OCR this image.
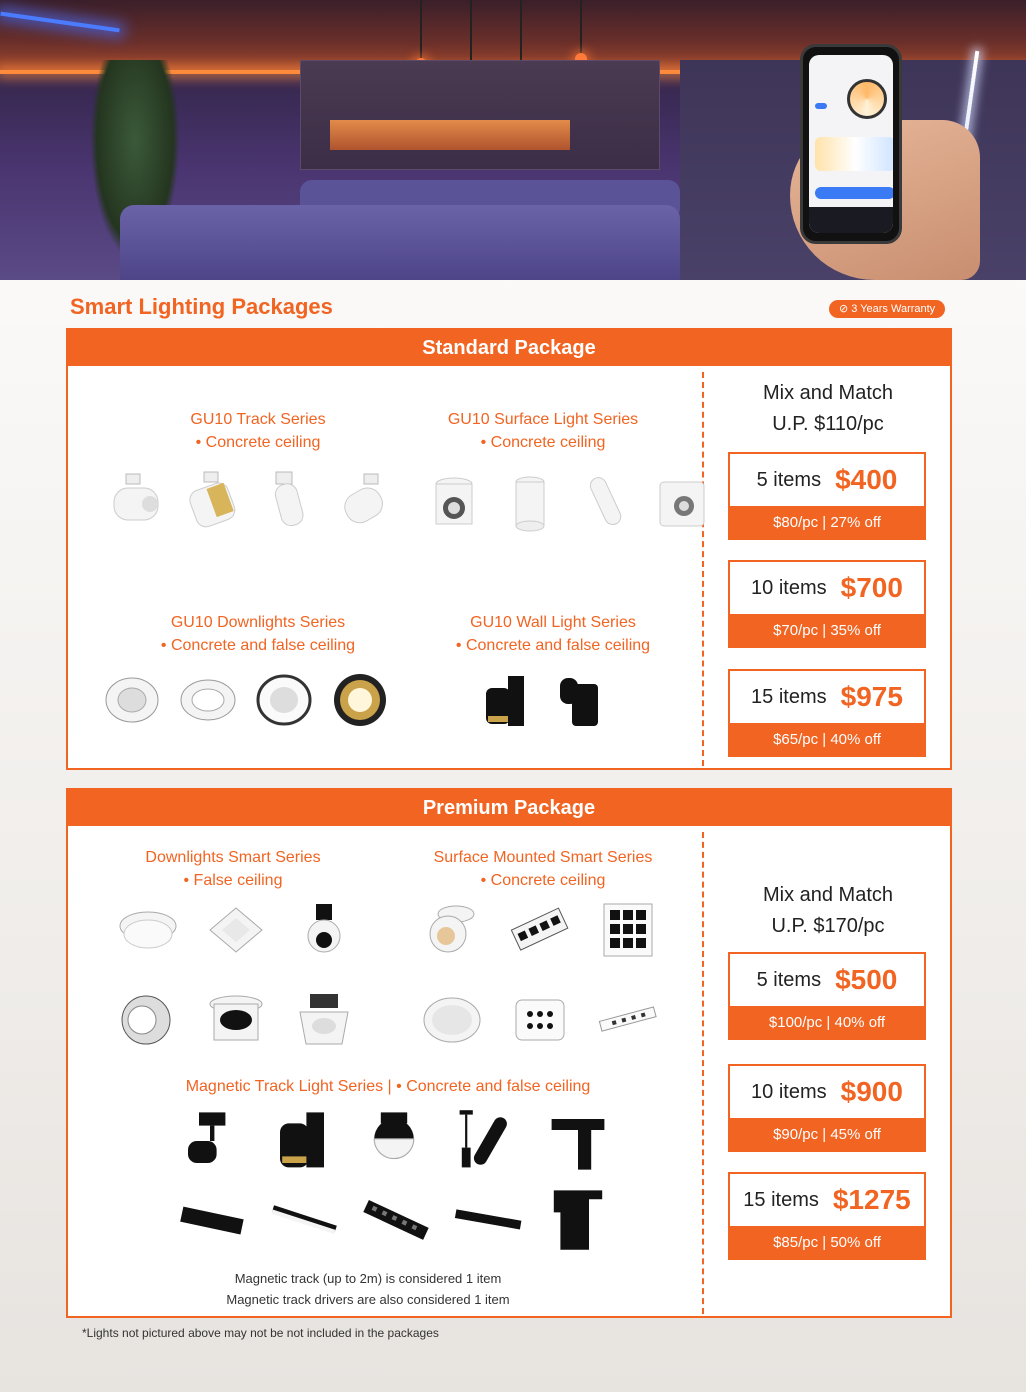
Smart Lighting Packages	⊘ 3 Years Warranty
Standard Package
GU10 Track Series
• Concrete ceiling
GU10 Surface Light Series
• Concrete ceiling
GU10 Downlights Series
• Concrete and false ceiling
GU10 Wall Light Series
• Concrete and false ceiling
Mix and Match
U.P. $110/pc
5 items $400
$80/pc | 27% off
10 items $700
$70/pc | 35% off
15 items $975
$65/pc | 40% off
Premium Package
Downlights Smart Series
• False ceiling
Surface Mounted Smart Series
• Concrete ceiling
Magnetic Track Light Series | • Concrete and false ceiling
Magnetic track (up to 2m) is considered 1 item
Magnetic track drivers are also considered 1 item
Mix and Match
U.P. $170/pc
5 items $500
$100/pc | 40% off
10 items $900
$90/pc | 45% off
15 items $1275
$85/pc | 50% off
*Lights not pictured above may not be not included in the packages
